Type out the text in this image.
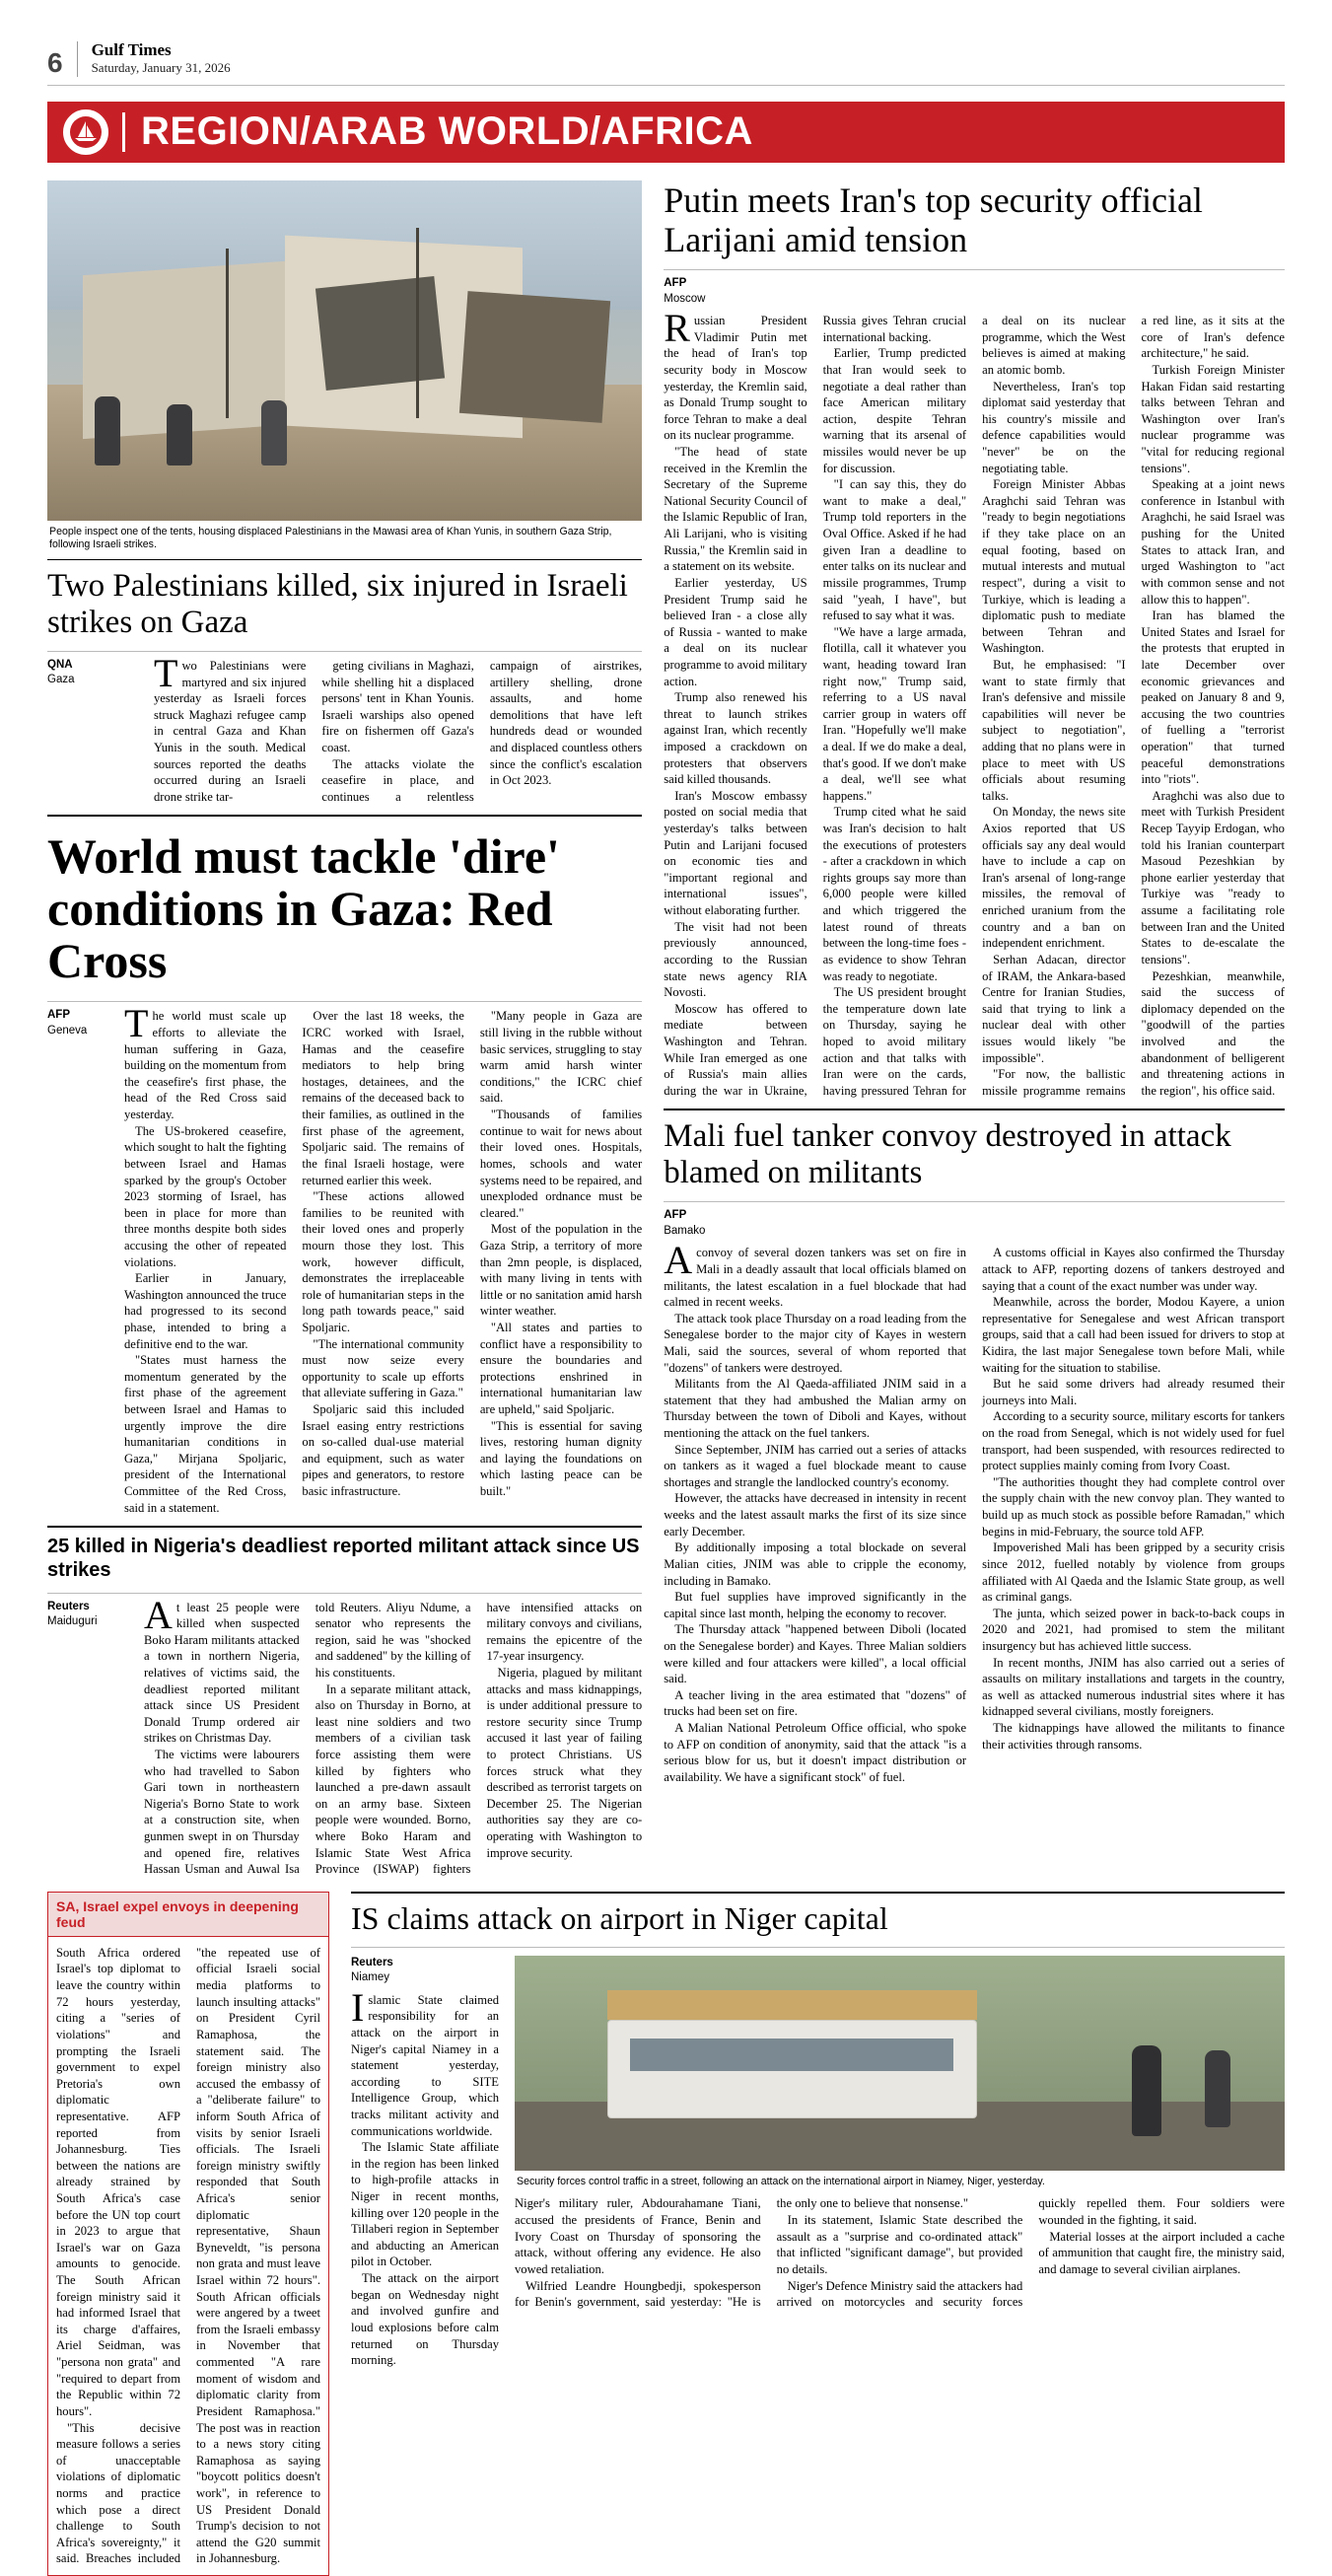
6 Gulf Times
Saturday, January 31, 2026
REGION/ARAB WORLD/AFRICA
People inspect one of the tents, housing displaced Palestinians in the Mawasi area of Khan Yunis, in southern Gaza Strip, following Israeli strikes.
Two Palestinians killed, six injured in Israeli strikes on Gaza
QNA
Gaza	Two Palestinians were martyred and six injured yesterday as Israeli forces struck Maghazi refugee camp in central Gaza and Khan Yunis in the south. Medical sources reported the deaths occurred during an Israeli drone strike tar-

geting civilians in Maghazi, while shelling hit a displaced persons' tent in Khan Younis. Israeli warships also opened fire on fishermen off Gaza's coast.

The attacks violate the ceasefire in place, and continues a relentless campaign of airstrikes, artillery shelling, drone assaults, and home demolitions that have left hundreds dead or wounded and displaced countless others since the conflict's escalation in Oct 2023.

World must tackle 'dire' conditions in Gaza: Red Cross
AFP
Geneva	The world must scale up efforts to alleviate the human suffering in Gaza, building on the momentum from the ceasefire's first phase, the head of the Red Cross said yesterday.

The US-brokered ceasefire, which sought to halt the fighting between Israel and Hamas sparked by the group's October 2023 storming of Israel, has been in place for more than three months despite both sides accusing the other of repeated violations.

Earlier in January, Washington announced the truce had progressed to its second phase, intended to bring a definitive end to the war.

"States must harness the momentum generated by the first phase of the agreement between Israel and Hamas to urgently improve the dire humanitarian conditions in Gaza," Mirjana Spoljaric, president of the International Committee of the Red Cross, said in a statement.

Over the last 18 weeks, the ICRC worked with Israel, Hamas and the ceasefire mediators to help bring hostages, detainees, and the remains of the deceased back to their families, as outlined in the first phase of the agreement, Spoljaric said. The remains of the final Israeli hostage, were returned earlier this week.

"These actions allowed families to be reunited with their loved ones and properly mourn those they lost. This work, however difficult, demonstrates the irreplaceable role of humanitarian steps in the long path towards peace," said Spoljaric.

"The international community must now seize every opportunity to scale up efforts that alleviate suffering in Gaza."

Spoljaric said this included Israel easing entry restrictions on so-called dual-use material and equipment, such as water pipes and generators, to restore basic infrastructure.

"Many people in Gaza are still living in the rubble without basic services, struggling to stay warm amid harsh winter conditions," the ICRC chief said.

"Thousands of families continue to wait for news about their loved ones. Hospitals, homes, schools and water systems need to be repaired, and unexploded ordnance must be cleared."

Most of the population in the Gaza Strip, a territory of more than 2mn people, is displaced, with many living in tents with little or no sanitation amid harsh winter weather.

"All states and parties to conflict have a responsibility to ensure the boundaries and protections enshrined in international humanitarian law are upheld," said Spoljaric.

"This is essential for saving lives, restoring human dignity and laying the foundations on which lasting peace can be built."

25 killed in Nigeria's deadliest reported militant attack since US strikes
Reuters
Maiduguri	At least 25 people were killed when suspected Boko Haram militants attacked a town in northern Nigeria, relatives of victims said, the deadliest reported militant attack since US President Donald Trump ordered air strikes on Christmas Day.

The victims were labourers who had travelled to Sabon Gari town in northeastern Nigeria's Borno State to work at a construction site, when gunmen swept in on Thursday and opened fire, relatives Hassan Usman and Auwal Isa told Reuters. Aliyu Ndume, a senator who represents the region, said he was "shocked and saddened" by the killing of his constituents.

In a separate militant attack, also on Thursday in Borno, at least nine soldiers and two members of a civilian task force assisting them were killed by fighters who launched a pre-dawn assault on an army base. Sixteen people were wounded. Borno, where Boko Haram and Islamic State West Africa Province (ISWAP) fighters have intensified attacks on military convoys and civilians, remains the epicentre of the 17-year insurgency.

Nigeria, plagued by militant attacks and mass kidnappings, is under additional pressure to restore security since Trump accused it last year of failing to protect Christians. US forces struck what they described as terrorist targets on December 25. The Nigerian authorities say they are co-operating with Washington to improve security.

Putin meets Iran's top security official Larijani amid tension
AFP
Moscow

Russian President Vladimir Putin met the head of Iran's top security body in Moscow yesterday, the Kremlin said, as Donald Trump sought to force Tehran to make a deal on its nuclear programme.

"The head of state received in the Kremlin the Secretary of the Supreme National Security Council of the Islamic Republic of Iran, Ali Larijani, who is visiting Russia," the Kremlin said in a statement on its website.

Earlier yesterday, US President Trump said he believed Iran - a close ally of Russia - wanted to make a deal on its nuclear programme to avoid military action.

Trump also renewed his threat to launch strikes against Iran, which recently imposed a crackdown on protesters that observers said killed thousands.

Iran's Moscow embassy posted on social media that yesterday's talks between Putin and Larijani focused on economic ties and "important regional and international issues", without elaborating further.

The visit had not been previously announced, according to the Russian state news agency RIA Novosti.

Moscow has offered to mediate between Washington and Tehran. While Iran emerged as one of Russia's main allies during the war in Ukraine, Russia gives Tehran crucial international backing.

Earlier, Trump predicted that Iran would seek to negotiate a deal rather than face American military action, despite Tehran warning that its arsenal of missiles would never be up for discussion.

"I can say this, they do want to make a deal," Trump told reporters in the Oval Office. Asked if he had given Iran a deadline to enter talks on its nuclear and missile programmes, Trump said "yeah, I have", but refused to say what it was.

"We have a large armada, flotilla, call it whatever you want, heading toward Iran right now," Trump said, referring to a US naval carrier group in waters off Iran. "Hopefully we'll make a deal. If we do make a deal, that's good. If we don't make a deal, we'll see what happens."

Trump cited what he said was Iran's decision to halt the executions of protesters - after a crackdown in which rights groups say more than 6,000 people were killed and which triggered the latest round of threats between the long-time foes - as evidence to show Tehran was ready to negotiate.

The US president brought the temperature down late on Thursday, saying he hoped to avoid military action and that talks with Iran were on the cards, having pressured Tehran for a deal on its nuclear programme, which the West believes is aimed at making an atomic bomb.

Nevertheless, Iran's top diplomat said yesterday that his country's missile and defence capabilities would "never" be on the negotiating table.

Foreign Minister Abbas Araghchi said Tehran was "ready to begin negotiations if they take place on an equal footing, based on mutual interests and mutual respect", during a visit to Turkiye, which is leading a diplomatic push to mediate between Tehran and Washington.

But, he emphasised: "I want to state firmly that Iran's defensive and missile capabilities will never be subject to negotiation", adding that no plans were in place to meet with US officials about resuming talks.

On Monday, the news site Axios reported that US officials say any deal would have to include a cap on Iran's arsenal of long-range missiles, the removal of enriched uranium from the country and a ban on independent enrichment.

Serhan Adacan, director of IRAM, the Ankara-based Centre for Iranian Studies, said that trying to link a nuclear deal with other issues would likely "be impossible".

"For now, the ballistic missile programme remains a red line, as it sits at the core of Iran's defence architecture," he said.

Turkish Foreign Minister Hakan Fidan said restarting talks between Tehran and Washington over Iran's nuclear programme was "vital for reducing regional tensions".

Speaking at a joint news conference in Istanbul with Araghchi, he said Israel was pushing for the United States to attack Iran, and urged Washington to "act with common sense and not allow this to happen".

Iran has blamed the United States and Israel for the protests that erupted in late December over economic grievances and peaked on January 8 and 9, accusing the two countries of fuelling a "terrorist operation" that turned peaceful demonstrations into "riots".

Araghchi was also due to meet with Turkish President Recep Tayyip Erdogan, who told his Iranian counterpart Masoud Pezeshkian by phone earlier yesterday that Turkiye was "ready to assume a facilitating role between Iran and the United States to de-escalate the tensions".

Pezeshkian, meanwhile, said the success of diplomacy depended on the "goodwill of the parties involved and the abandonment of belligerent and threatening actions in the region", his office said.

Mali fuel tanker convoy destroyed in attack blamed on militants
AFP
Bamako

Aconvoy of several dozen tankers was set on fire in Mali in a deadly assault that local officials blamed on militants, the latest escalation in a fuel blockade that had calmed in recent weeks.

The attack took place Thursday on a road leading from the Senegalese border to the major city of Kayes in western Mali, said the sources, several of whom reported that "dozens" of tankers were destroyed.

Militants from the Al Qaeda-affiliated JNIM said in a statement that they had ambushed the Malian army on Thursday between the town of Diboli and Kayes, without mentioning the attack on the fuel tankers.

Since September, JNIM has carried out a series of attacks on tankers as it waged a fuel blockade meant to cause shortages and strangle the landlocked country's economy.

However, the attacks have decreased in intensity in recent weeks and the latest assault marks the first of its size since early December.

By additionally imposing a total blockade on several Malian cities, JNIM was able to cripple the economy, including in Bamako.

But fuel supplies have improved significantly in the capital since last month, helping the economy to recover.

The Thursday attack "happened between Diboli (located on the Senegalese border) and Kayes. Three Malian soldiers were killed and four attackers were killed", a local official said.

A teacher living in the area estimated that "dozens" of trucks had been set on fire.

A Malian National Petroleum Office official, who spoke to AFP on condition of anonymity, said that the attack "is a serious blow for us, but it doesn't impact distribution or availability. We have a significant stock" of fuel.

A customs official in Kayes also confirmed the Thursday attack to AFP, reporting dozens of tankers destroyed and saying that a count of the exact number was under way.

Meanwhile, across the border, Modou Kayere, a union representative for Senegalese and west African transport groups, said that a call had been issued for drivers to stop at Kidira, the last major Senegalese town before Mali, while waiting for the situation to stabilise.

But he said some drivers had already resumed their journeys into Mali.

According to a security source, military escorts for tankers on the road from Senegal, which is not widely used for fuel transport, had been suspended, with resources redirected to protect supplies mainly coming from Ivory Coast.

"The authorities thought they had complete control over the supply chain with the new convoy plan. They wanted to build up as much stock as possible before Ramadan," which begins in mid-February, the source told AFP.

Impoverished Mali has been gripped by a security crisis since 2012, fuelled notably by violence from groups affiliated with Al Qaeda and the Islamic State group, as well as criminal gangs.

The junta, which seized power in back-to-back coups in 2020 and 2021, had promised to stem the militant insurgency but has achieved little success.

In recent months, JNIM has also carried out a series of assaults on military installations and targets in the country, as well as attacked numerous industrial sites where it has kidnapped several civilians, mostly foreigners.

The kidnappings have allowed the militants to finance their activities through ransoms.

SA, Israel expel envoys in deepening feud

South Africa ordered Israel's top diplomat to leave the country within 72 hours yesterday, citing a "series of violations" and prompting the Israeli government to expel Pretoria's own diplomatic representative. AFP reported from Johannesburg. Ties between the nations are already strained by South Africa's case before the UN top court in 2023 to argue that Israel's war on Gaza amounts to genocide. The South African foreign ministry said it had informed Israel that its charge d'affaires, Ariel Seidman, was "persona non grata" and "required to depart from the Republic within 72 hours".

"This decisive measure follows a series of unacceptable violations of diplomatic norms and practice which pose a direct challenge to South Africa's sovereignty," it said. Breaches included "the repeated use of official Israeli social media platforms to launch insulting attacks" on President Cyril Ramaphosa, the statement said. The foreign ministry also accused the embassy of a "deliberate failure" to inform South Africa of visits by senior Israeli officials. The Israeli foreign ministry swiftly responded that South Africa's senior diplomatic representative, Shaun Byneveldt, "is persona non grata and must leave Israel within 72 hours". South African officials were angered by a tweet from the Israeli embassy in November that commented "A rare moment of wisdom and diplomatic clarity from President Ramaphosa." The post was in reaction to a news story citing Ramaphosa as saying "boycott politics doesn't work", in reference to US President Donald Trump's decision to not attend the G20 summit in Johannesburg.

IS claims attack on airport in Niger capital
Reuters
Niamey

Islamic State claimed responsibility for an attack on the airport in Niger's capital Niamey in a statement yesterday, according to SITE Intelligence Group, which tracks militant activity and communications worldwide.

The Islamic State affiliate in the region has been linked to high-profile attacks in Niger in recent months, killing over 120 people in the Tillaberi region in September and abducting an American pilot in October.

The attack on the airport began on Wednesday night and involved gunfire and loud explosions before calm returned on Thursday morning.

Security forces control traffic in a street, following an attack on the international airport in Niamey, Niger, yesterday.

Niger's military ruler, Abdourahamane Tiani, accused the presidents of France, Benin and Ivory Coast on Thursday of sponsoring the attack, without offering any evidence. He also vowed retaliation.

Wilfried Leandre Houngbedji, spokesperson for Benin's government, said yesterday: "He is the only one to believe that nonsense."

In its statement, Islamic State described the assault as a "surprise and co-ordinated attack" that inflicted "significant damage", but provided no details.

Niger's Defence Ministry said the attackers had arrived on motorcycles and security forces quickly repelled them. Four soldiers were wounded in the fighting, it said.

Material losses at the airport included a cache of ammunition that caught fire, the ministry said, and damage to several civilian airplanes.
